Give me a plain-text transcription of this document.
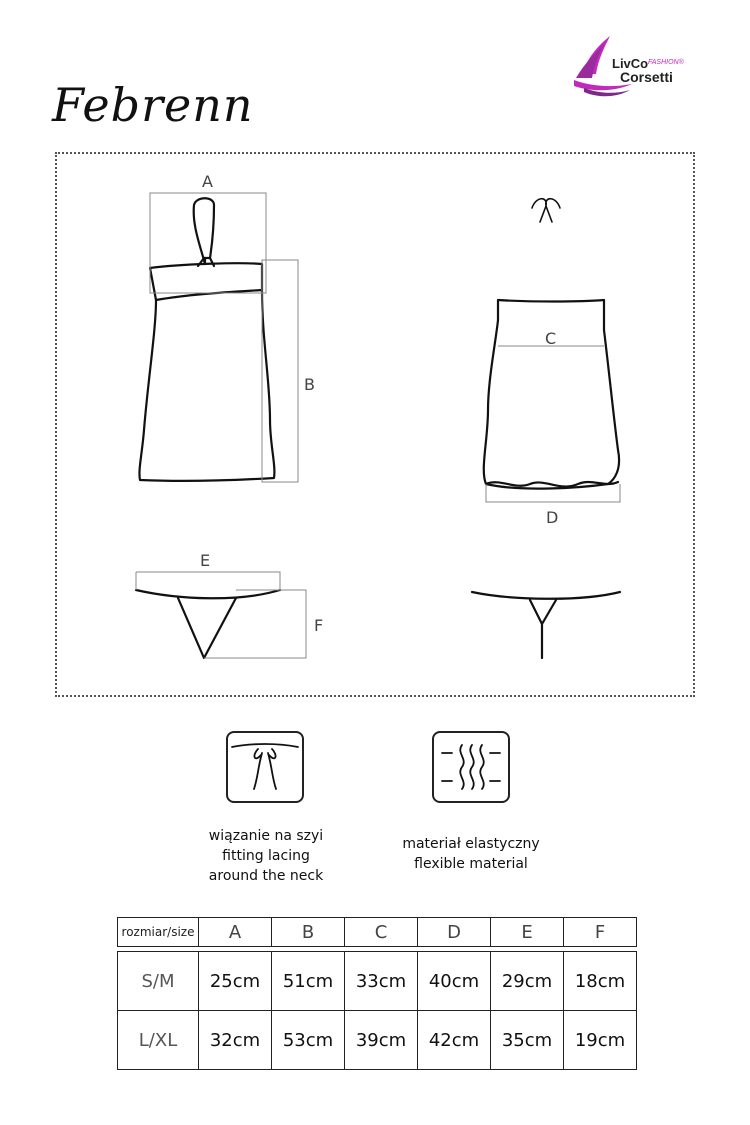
Febrenn
LivCo FASHION®
Corsetti
A
B
C
D
E
F
wiązanie na szyi
fitting lacing
around the neck
materiał elastyczny
flexible material
rozmiar/size	A	B	C	D	E	F

S/M	25cm	51cm	33cm	40cm	29cm	18cm
L/XL	32cm	53cm	39cm	42cm	35cm	19cm
